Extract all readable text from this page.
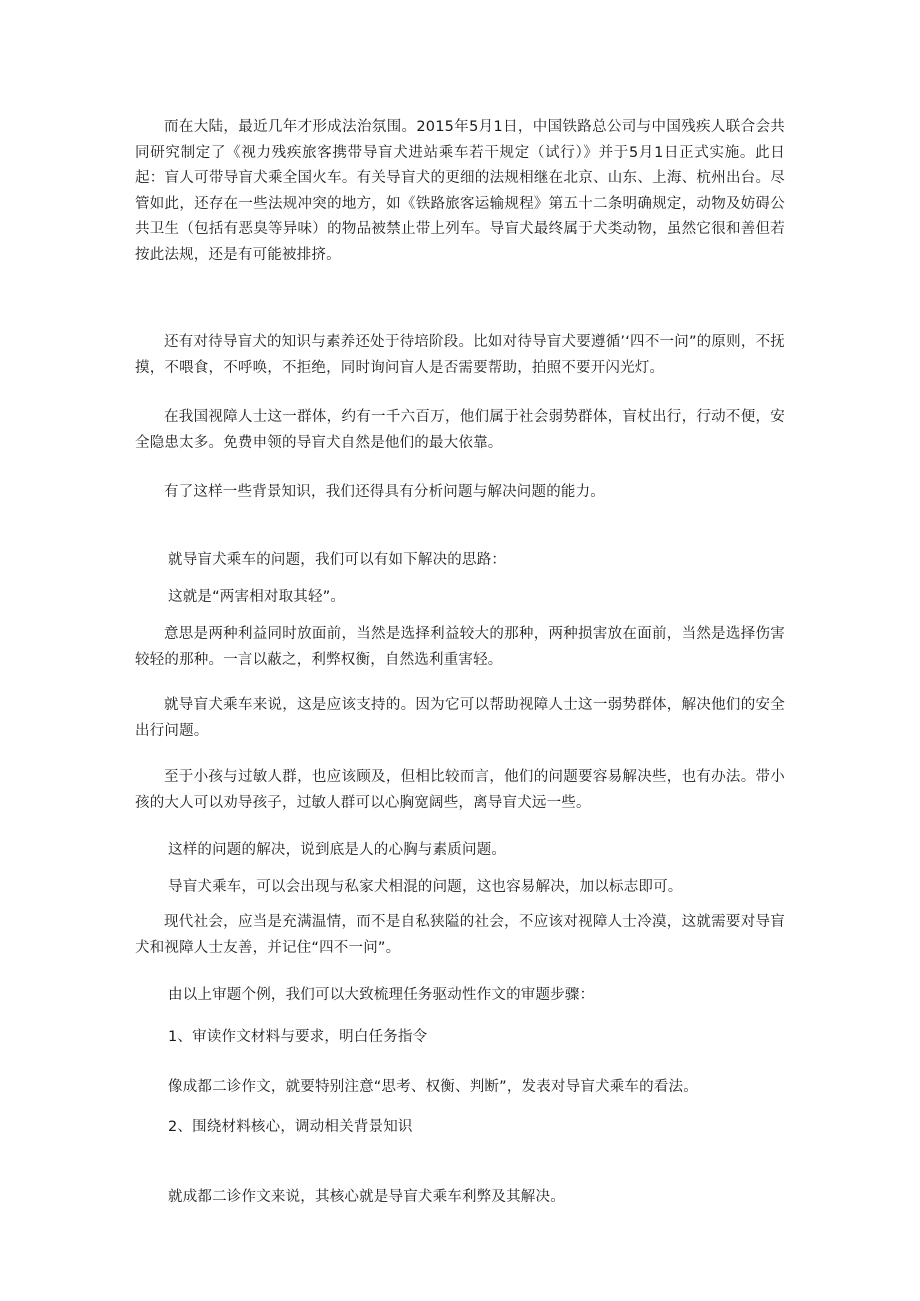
而在大陆，最近几年才形成法治氛围。2015年5月1日，中国铁路总公司与中国残疾人联合会共同研究制定了《视力残疾旅客携带导盲犬进站乘车若干规定（试行）》并于5月1日正式实施。此日起：盲人可带导盲犬乘全国火车。有关导盲犬的更细的法规相继在北京、山东、上海、杭州出台。尽管如此，还存在一些法规冲突的地方，如《铁路旅客运输规程》第五十二条明确规定，动物及妨碍公共卫生（包括有恶臭等异味）的物品被禁止带上列车。导盲犬最终属于犬类动物，虽然它很和善但若按此法规，还是有可能被排挤。

还有对待导盲犬的知识与素养还处于待培阶段。比如对待导盲犬要遵循’‘四不一问”的原则，不抚摸，不喂食，不呼唤，不拒绝，同时询问盲人是否需要帮助，拍照不要开闪光灯。

在我国视障人士这一群体，约有一千六百万，他们属于社会弱势群体，盲杖出行，行动不便，安全隐患太多。免费申领的导盲犬自然是他们的最大依靠。

有了这样一些背景知识，我们还得具有分析问题与解决问题的能力。

就导盲犬乘车的问题，我们可以有如下解决的思路：

这就是“两害相对取其轻”。

意思是两种利益同时放面前，当然是选择利益较大的那种，两种损害放在面前，当然是选择伤害较轻的那种。一言以蔽之，利弊权衡，自然选利重害轻。

就导盲犬乘车来说，这是应该支持的。因为它可以帮助视障人士这一弱势群体，解决他们的安全出行问题。

至于小孩与过敏人群，也应该顾及，但相比较而言，他们的问题要容易解决些，也有办法。带小孩的大人可以劝导孩子，过敏人群可以心胸宽阔些，离导盲犬远一些。

这样的问题的解决，说到底是人的心胸与素质问题。

导盲犬乘车，可以会出现与私家犬相混的问题，这也容易解决，加以标志即可。

现代社会，应当是充满温情，而不是自私狭隘的社会，不应该对视障人士冷漠，这就需要对导盲犬和视障人士友善，并记住“四不一问”。

由以上审题个例，我们可以大致梳理任务驱动性作文的审题步骤：

1、审读作文材料与要求，明白任务指令

像成都二诊作文，就要特别注意“思考、权衡、判断”，发表对导盲犬乘车的看法。

2、围绕材料核心，调动相关背景知识

就成都二诊作文来说，其核心就是导盲犬乘车利弊及其解决。
